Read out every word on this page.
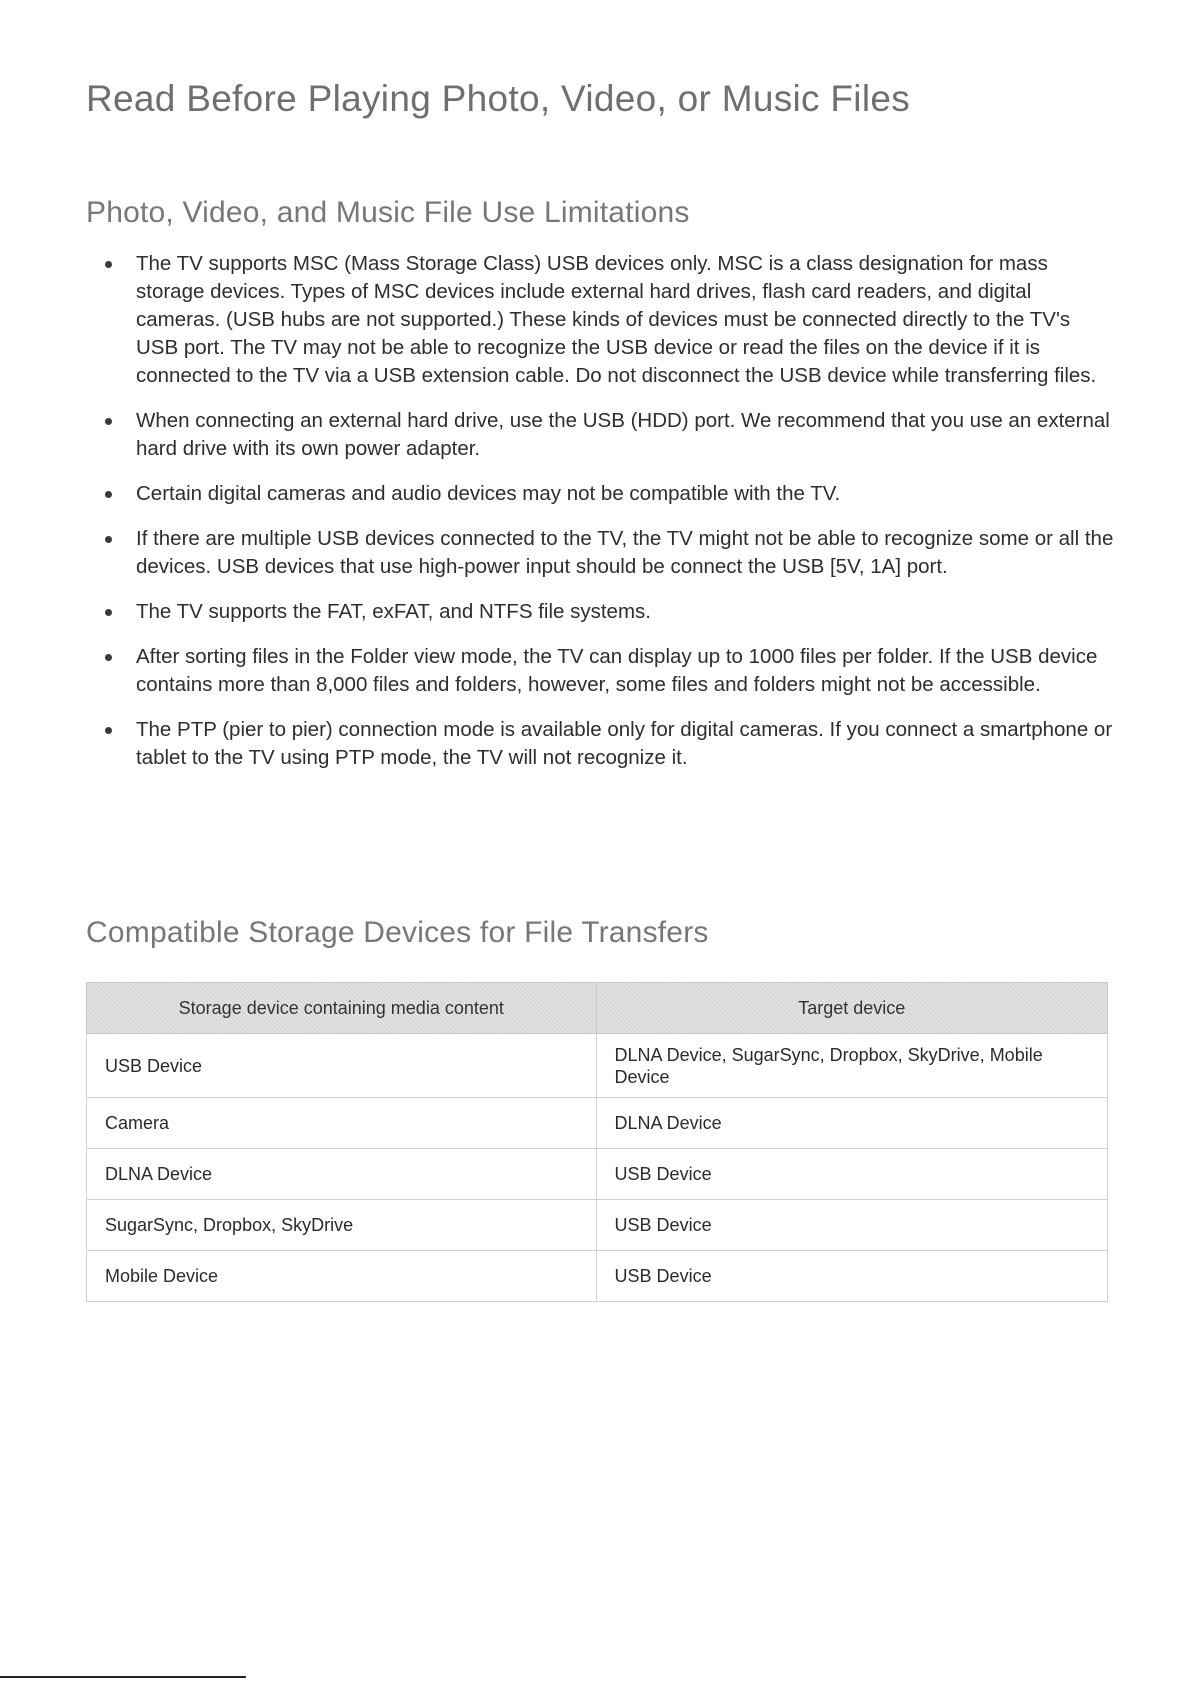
Read Before Playing Photo, Video, or Music Files
Photo, Video, and Music File Use Limitations
The TV supports MSC (Mass Storage Class) USB devices only. MSC is a class designation for mass storage devices. Types of MSC devices include external hard drives, flash card readers, and digital cameras. (USB hubs are not supported.) These kinds of devices must be connected directly to the TV's USB port. The TV may not be able to recognize the USB device or read the files on the device if it is connected to the TV via a USB extension cable. Do not disconnect the USB device while transferring files.
When connecting an external hard drive, use the USB (HDD) port. We recommend that you use an external hard drive with its own power adapter.
Certain digital cameras and audio devices may not be compatible with the TV.
If there are multiple USB devices connected to the TV, the TV might not be able to recognize some or all the devices. USB devices that use high-power input should be connect the USB [5V, 1A] port.
The TV supports the FAT, exFAT, and NTFS file systems.
After sorting files in the Folder view mode, the TV can display up to 1000 files per folder. If the USB device contains more than 8,000 files and folders, however, some files and folders might not be accessible.
The PTP (pier to pier) connection mode is available only for digital cameras. If you connect a smartphone or tablet to the TV using PTP mode, the TV will not recognize it.
Compatible Storage Devices for File Transfers
Storage device containing media content	Target device
USB Device	DLNA Device, SugarSync, Dropbox, SkyDrive, Mobile Device
Camera	DLNA Device
DLNA Device	USB Device
SugarSync, Dropbox, SkyDrive	USB Device
Mobile Device	USB Device
